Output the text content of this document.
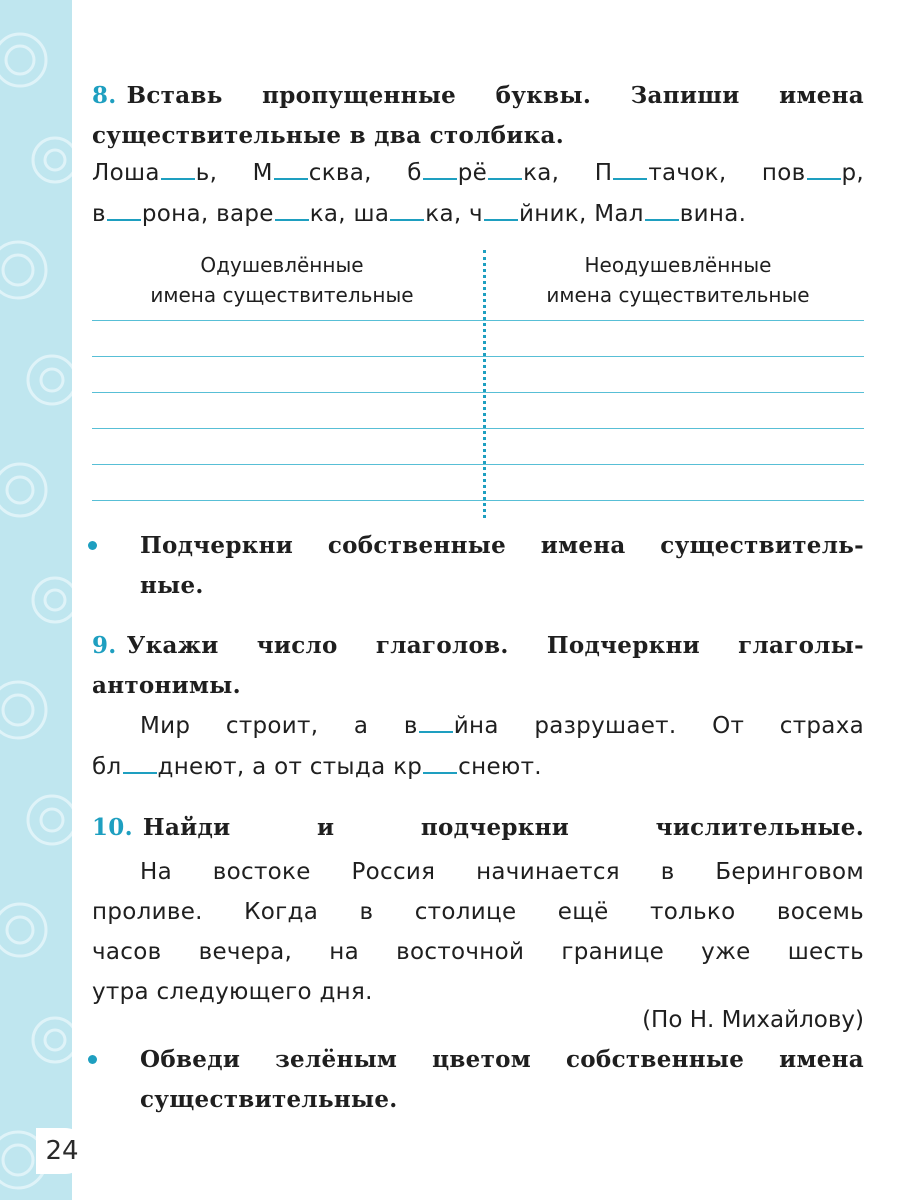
24
8. Вставь пропущенные буквы. Запиши имена
существительные в два столбика.
Лоша ь, М сква, б рё ка, П тачок, пов р,
в рона, варе ка, ша ка, ч йник, Мал вина.
Одушевлённые
имена существительные
Неодушевлённые
имена существительные
Подчеркни собственные имена существитель-
ные.
9. Укажи число глаголов. Подчеркни глаголы-
антонимы.
Мир строит, а в йна разрушает. От страха
бл днеют, а от стыда кр снеют.
10. Найди и подчеркни числительные.
На востоке Россия начинается в Беринговом
проливе. Когда в столице ещё только восемь
часов вечера, на восточной границе уже шесть
утра следующего дня.
(По Н. Михайлову)
Обведи зелёным цветом собственные имена
существительные.
